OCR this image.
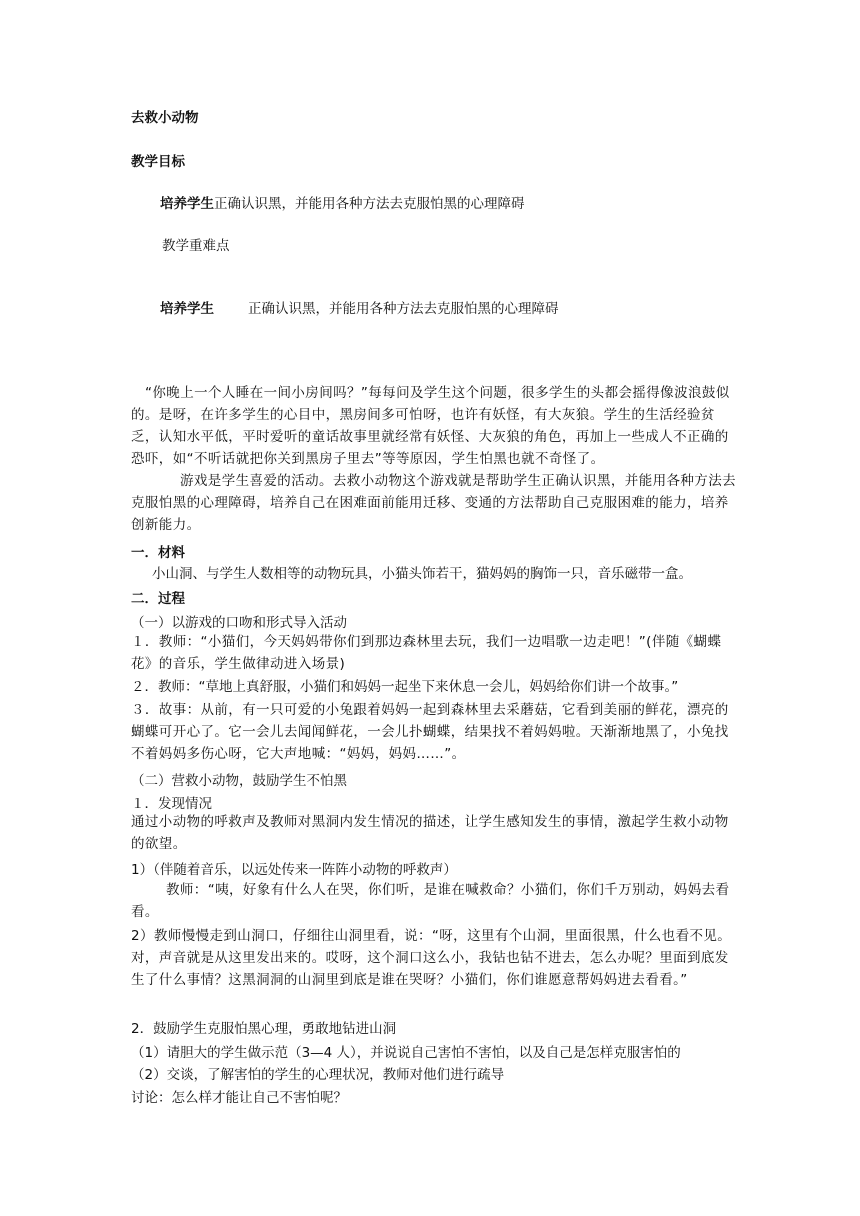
去救小动物
教学目标
培养学生正确认识黑，并能用各种方法去克服怕黑的心理障碍
教学重难点
培养学生	正确认识黑，并能用各种方法去克服怕黑的心理障碍
“你晚上一个人睡在一间小房间吗？”每每问及学生这个问题，很多学生的头都会摇得像波浪鼓似的。是呀，在许多学生的心目中，黑房间多可怕呀，也许有妖怪，有大灰狼。学生的生活经验贫乏，认知水平低，平时爱听的童话故事里就经常有妖怪、大灰狼的角色，再加上一些成人不正确的恐吓，如“不听话就把你关到黑房子里去”等等原因，学生怕黑也就不奇怪了。
游戏是学生喜爱的活动。去救小动物这个游戏就是帮助学生正确认识黑，并能用各种方法去克服怕黑的心理障碍，培养自己在困难面前能用迁移、变通的方法帮助自己克服困难的能力，培养创新能力。
一．材料
小山洞、与学生人数相等的动物玩具，小猫头饰若干，猫妈妈的胸饰一只，音乐磁带一盒。
二．过程
（一）以游戏的口吻和形式导入活动
１．教师：“小猫们，今天妈妈带你们到那边森林里去玩，我们一边唱歌一边走吧！”(伴随《蝴蝶花》的音乐，学生做律动进入场景)
２．教师：“草地上真舒服，小猫们和妈妈一起坐下来休息一会儿，妈妈给你们讲一个故事。”
３．故事：从前，有一只可爱的小兔跟着妈妈一起到森林里去采蘑菇，它看到美丽的鲜花，漂亮的蝴蝶可开心了。它一会儿去闻闻鲜花，一会儿扑蝴蝶，结果找不着妈妈啦。天渐渐地黑了，小兔找不着妈妈多伤心呀，它大声地喊：“妈妈，妈妈……”。
（二）营救小动物，鼓励学生不怕黑
１．发现情况
通过小动物的呼救声及教师对黑洞内发生情况的描述，让学生感知发生的事情，激起学生救小动物的欲望。
1）（伴随着音乐，以远处传来一阵阵小动物的呼救声）
教师：“咦，好象有什么人在哭，你们听，是谁在喊救命？小猫们，你们千万别动，妈妈去看看。
2）教师慢慢走到山洞口，仔细往山洞里看，说：“呀，这里有个山洞，里面很黑，什么也看不见。对，声音就是从这里发出来的。哎呀，这个洞口这么小，我钻也钻不进去，怎么办呢？里面到底发生了什么事情？这黑洞洞的山洞里到底是谁在哭呀？小猫们，你们谁愿意帮妈妈进去看看。”
2．鼓励学生克服怕黑心理，勇敢地钻进山洞
（1）请胆大的学生做示范（3—4 人），并说说自己害怕不害怕，以及自己是怎样克服害怕的
（2）交谈，了解害怕的学生的心理状况，教师对他们进行疏导
讨论：怎么样才能让自己不害怕呢？
